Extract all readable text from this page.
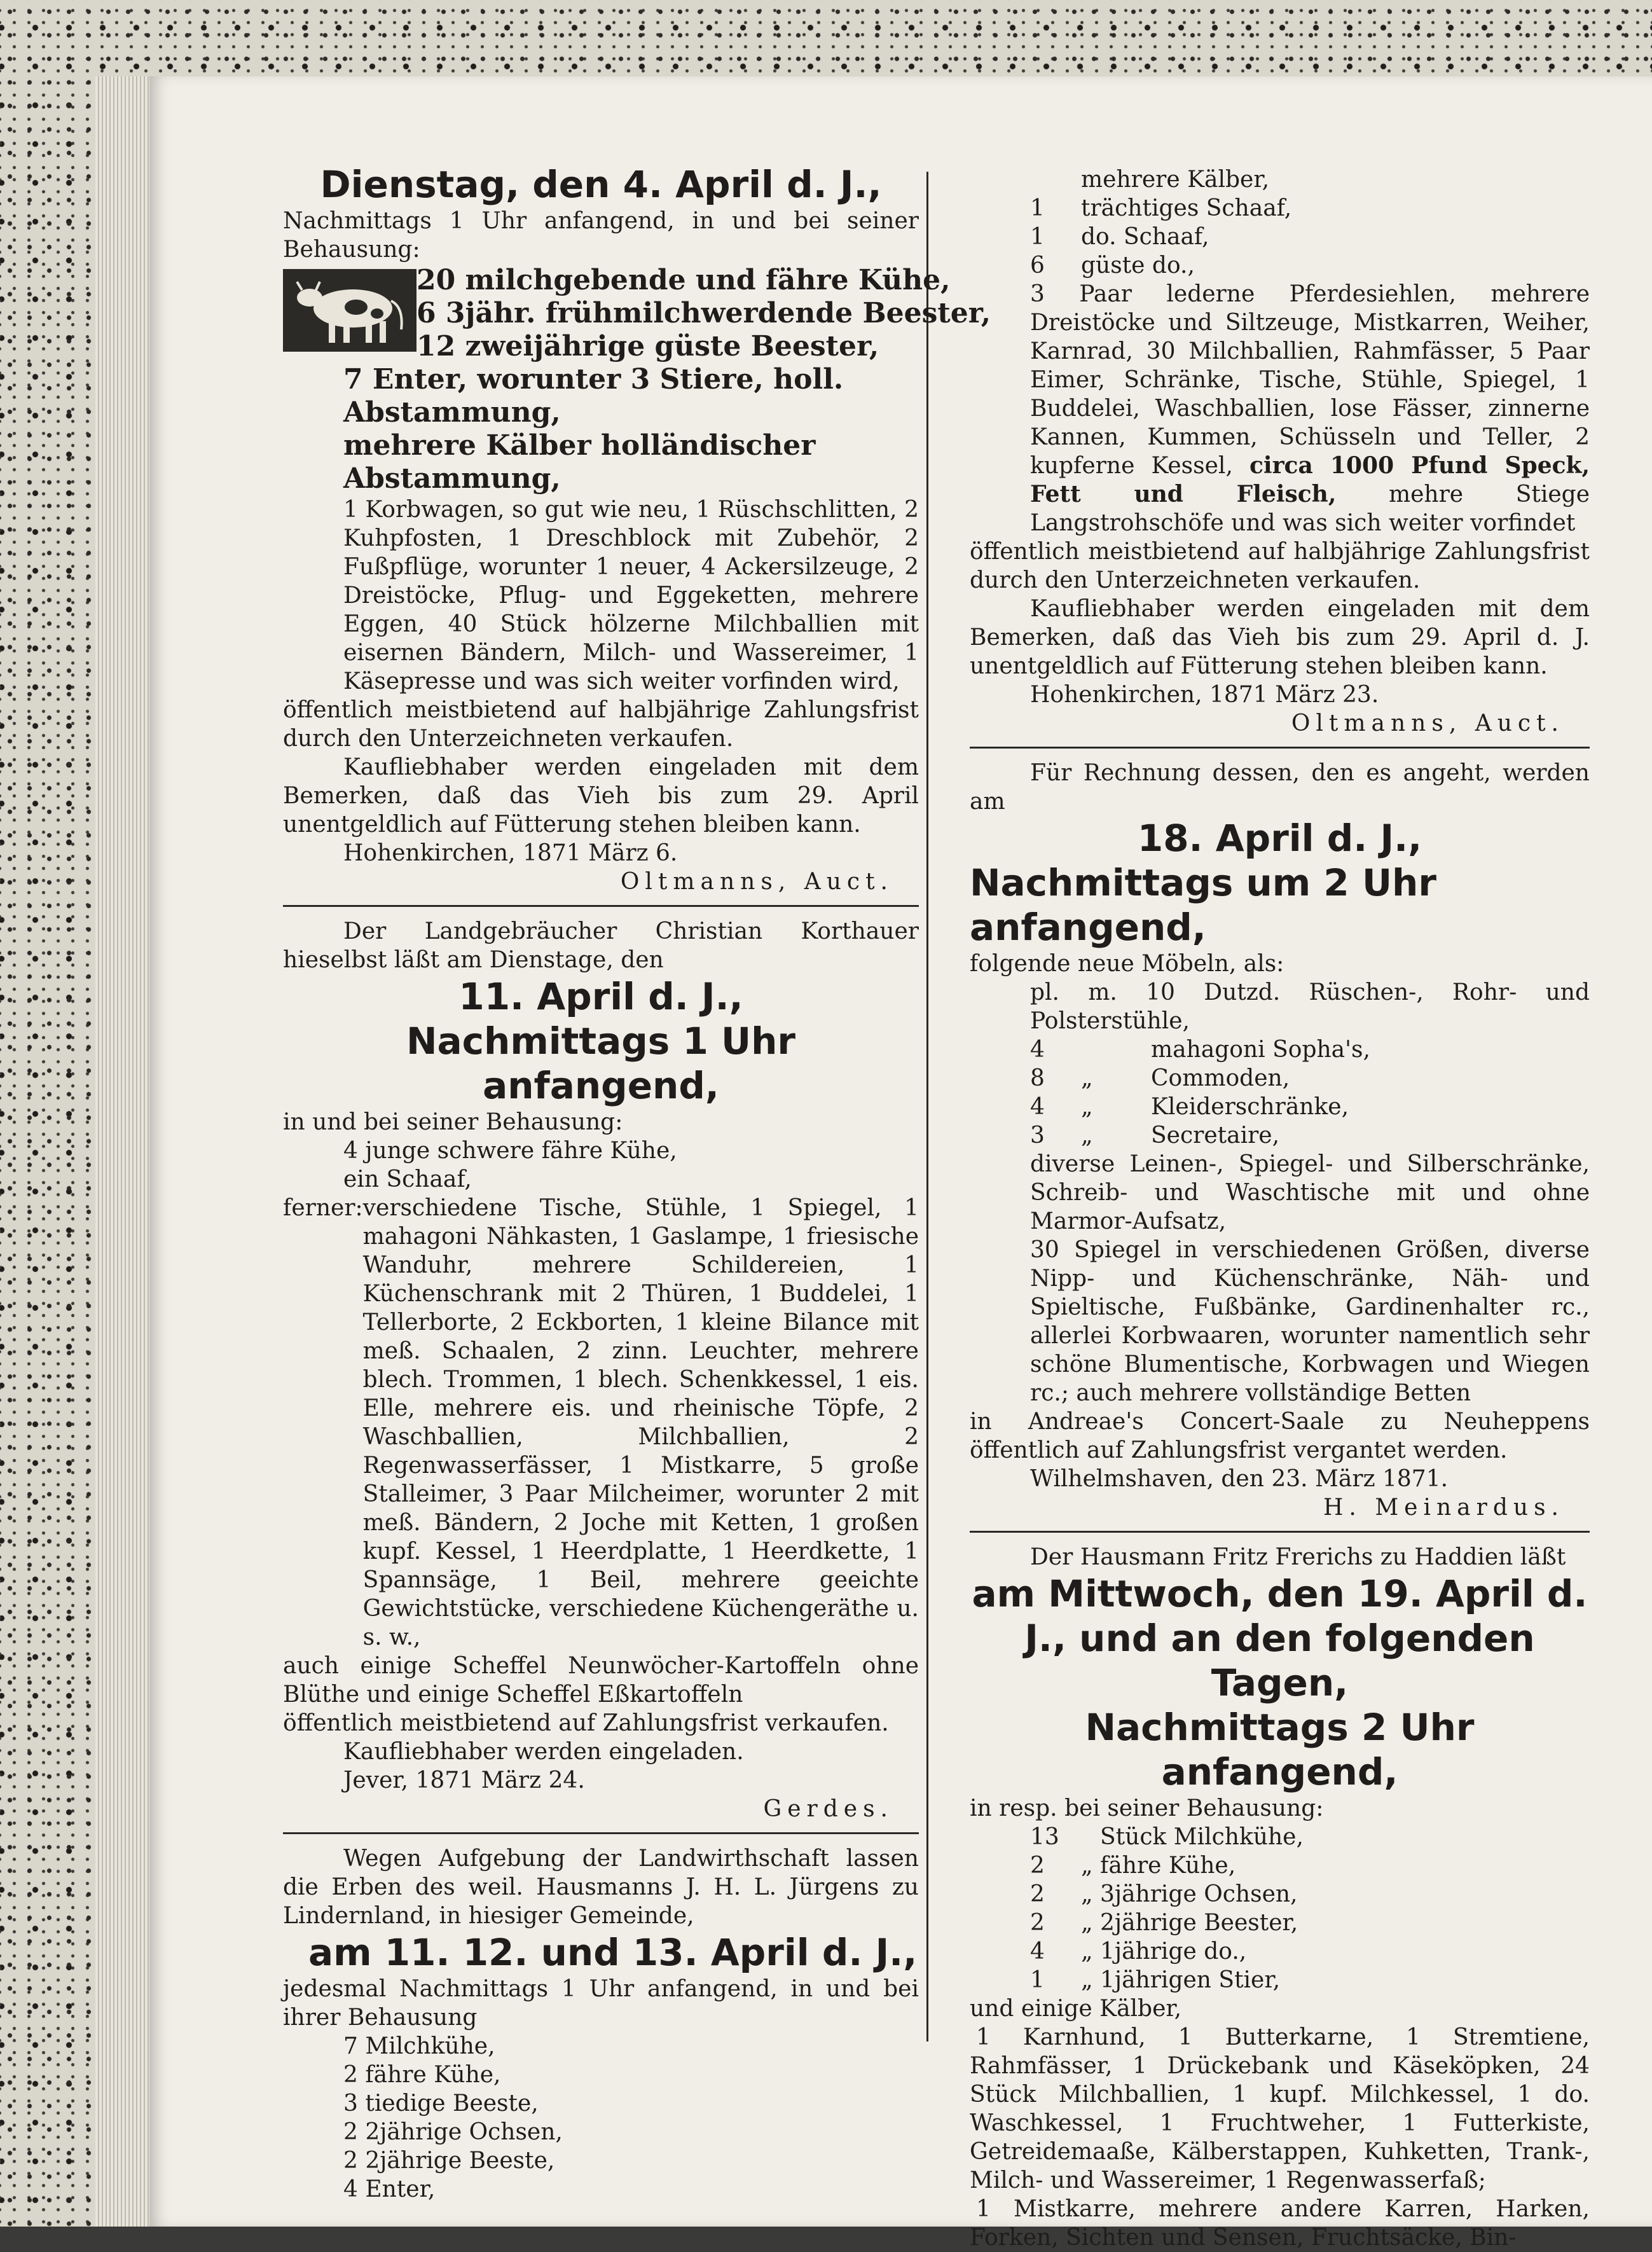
Dienstag, den 4. April d. J.,
Nachmittags 1 Uhr anfangend, in und bei seiner Behausung:
20 milchgebende und fähre Kühe,
6 3jähr. frühmilchwerdende Beester,
12 zweijährige güste Beester,
7 Enter, worunter 3 Stiere, holl. Abstammung,
mehrere Kälber holländischer Abstammung,
1 Korbwagen, so gut wie neu, 1 Rüschschlitten, 2 Kuhpfosten, 1 Dreschblock mit Zubehör, 2 Fußpflüge, worunter 1 neuer, 4 Ackersilzeuge, 2 Dreistöcke, Pflug- und Eggeketten, mehrere Eggen, 40 Stück hölzerne Milchballien mit eisernen Bändern, Milch- und Wassereimer, 1 Käsepresse und was sich weiter vorfinden wird,
öffentlich meistbietend auf halbjährige Zahlungsfrist durch den Unterzeichneten verkaufen.
Kaufliebhaber werden eingeladen mit dem Bemerken, daß das Vieh bis zum 29. April unentgeldlich auf Fütterung stehen bleiben kann.
Hohenkirchen, 1871 März 6.
Oltmanns, Auct.
Der Landgebräucher Christian Korthauer hieselbst läßt am Dienstage, den
11. April d. J.,
Nachmittags 1 Uhr anfangend,
in und bei seiner Behausung:
4 junge schwere fähre Kühe,
ein Schaaf,
ferner: verschiedene Tische, Stühle, 1 Spiegel, 1 mahagoni Nähkasten, 1 Gaslampe, 1 friesische Wanduhr, mehrere Schildereien, 1 Küchenschrank mit 2 Thüren, 1 Buddelei, 1 Tellerborte, 2 Eckborten, 1 kleine Bilance mit meß. Schaalen, 2 zinn. Leuchter, mehrere blech. Trommen, 1 blech. Schenkkessel, 1 eis. Elle, mehrere eis. und rheinische Töpfe, 2 Waschballien, Milchballien, 2 Regenwasserfässer, 1 Mistkarre, 5 große Stalleimer, 3 Paar Milcheimer, worunter 2 mit meß. Bändern, 2 Joche mit Ketten, 1 großen kupf. Kessel, 1 Heerdplatte, 1 Heerdkette, 1 Spannsäge, 1 Beil, mehrere geeichte Gewichtstücke, verschiedene Küchengeräthe u. s. w.,
auch einige Scheffel Neunwöcher-Kartoffeln ohne Blüthe und einige Scheffel Eßkartoffeln
öffentlich meistbietend auf Zahlungsfrist verkaufen.
Kaufliebhaber werden eingeladen.
Jever, 1871 März 24.
Gerdes.
Wegen Aufgebung der Landwirthschaft lassen die Erben des weil. Hausmanns J. H. L. Jürgens zu Lindernland, in hiesiger Gemeinde,
am 11. 12. und 13. April d. J.,
jedesmal Nachmittags 1 Uhr anfangend, in und bei ihrer Behausung
7 Milchkühe,
2 fähre Kühe,
3 tiedige Beeste,
2 2jährige Ochsen,
2 2jährige Beeste,
4 Enter,
mehrere Kälber,
1	trächtiges Schaaf,
1	do. Schaaf,
6	güste do.,
3 Paar lederne Pferdesiehlen, mehrere Dreistöcke und Siltzeuge, Mistkarren, Weiher, Karnrad, 30 Milchballien, Rahmfässer, 5 Paar Eimer, Schränke, Tische, Stühle, Spiegel, 1 Buddelei, Waschballien, lose Fässer, zinnerne Kannen, Kummen, Schüsseln und Teller, 2 kupferne Kessel, circa 1000 Pfund Speck, Fett und Fleisch, mehre Stiege Langstrohschöfe und was sich weiter vorfindet
öffentlich meistbietend auf halbjährige Zahlungsfrist durch den Unterzeichneten verkaufen.
Kaufliebhaber werden eingeladen mit dem Bemerken, daß das Vieh bis zum 29. April d. J. unentgeldlich auf Fütterung stehen bleiben kann.
Hohenkirchen, 1871 März 23.
Oltmanns, Auct.
Für Rechnung dessen, den es angeht, werden am
18. April d. J.,
Nachmittags um 2 Uhr anfangend,
folgende neue Möbeln, als:
pl. m. 10 Dutzd. Rüschen-, Rohr- und Polsterstühle,
4	mahagoni Sopha's,
8	„	Commoden,
4	„	Kleiderschränke,
3	„	Secretaire,
diverse Leinen-, Spiegel- und Silberschränke, Schreib- und Waschtische mit und ohne Marmor-Aufsatz,
30 Spiegel in verschiedenen Größen, diverse Nipp- und Küchenschränke, Näh- und Spieltische, Fußbänke, Gardinenhalter rc., allerlei Korbwaaren, worunter namentlich sehr schöne Blumentische, Korbwagen und Wiegen rc.; auch mehrere vollständige Betten
in Andreae's Concert-Saale zu Neuheppens öffentlich auf Zahlungsfrist vergantet werden.
Wilhelmshaven, den 23. März 1871.
H. Meinardus.
Der Hausmann Fritz Frerichs zu Haddien läßt
am Mittwoch, den 19. April d.
J., und an den folgenden Tagen,
Nachmittags 2 Uhr anfangend,
in resp. bei seiner Behausung:
13	Stück Milchkühe,
2	„ fähre Kühe,
2	„ 3jährige Ochsen,
2	„ 2jährige Beester,
4	„ 1jährige do.,
1	„ 1jährigen Stier,
und einige Kälber,
1 Karnhund, 1 Butterkarne, 1 Stremtiene, Rahmfässer, 1 Drückebank und Käseköpken, 24 Stück Milchballien, 1 kupf. Milchkessel, 1 do. Waschkessel, 1 Fruchtweher, 1 Futterkiste, Getreidemaaße, Kälberstappen, Kuhketten, Trank-, Milch- und Wassereimer, 1 Regenwasserfaß;
1 Mistkarre, mehrere andere Karren, Harken, Forken, Sichten und Sensen, Fruchtsäcke, Bin-
